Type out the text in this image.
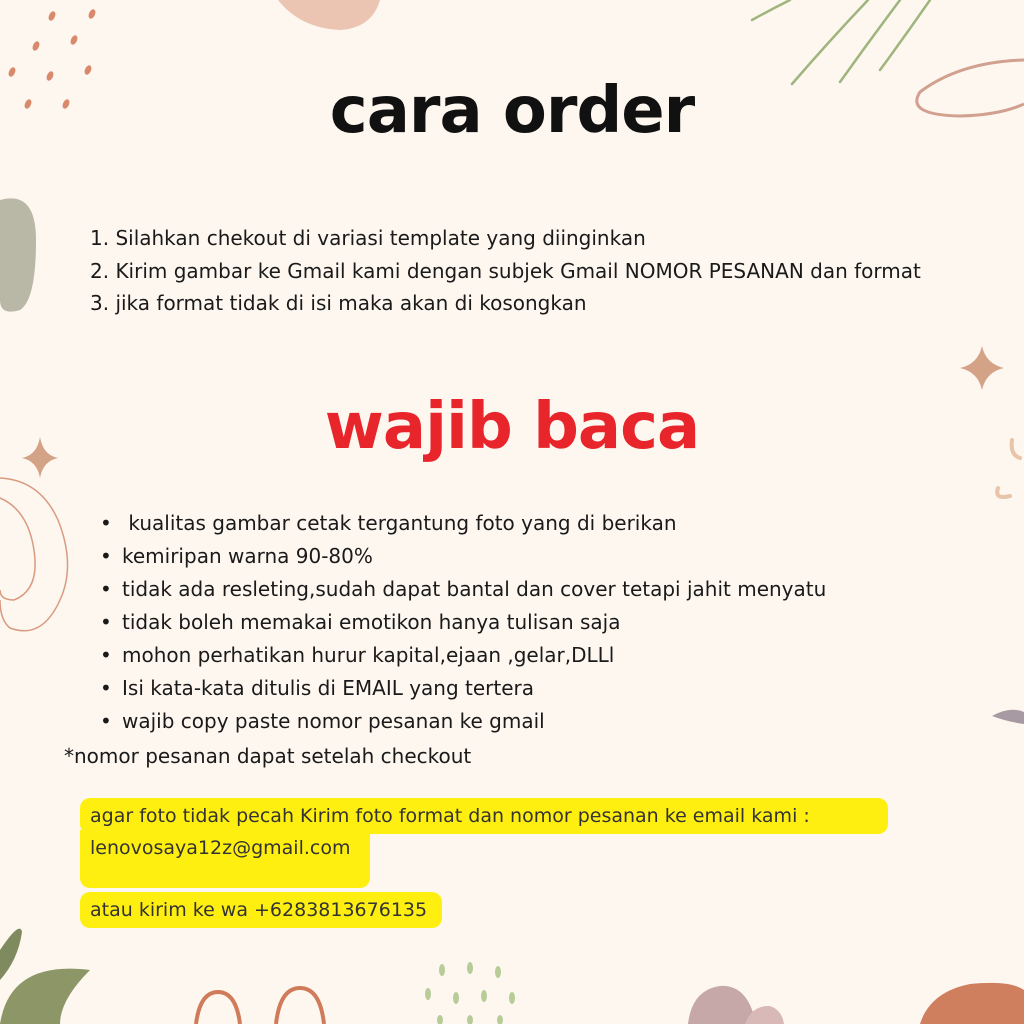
cara order
1. Silahkan chekout di variasi template yang diinginkan
2. Kirim gambar ke Gmail kami dengan subjek Gmail NOMOR PESANAN dan format
3. jika format tidak di isi maka akan di kosongkan
wajib baca
• kualitas gambar cetak tergantung foto yang di berikan
• kemiripan warna 90-80%
• tidak ada resleting,sudah dapat bantal dan cover tetapi jahit menyatu
• tidak boleh memakai emotikon hanya tulisan saja
• mohon perhatikan hurur kapital,ejaan ,gelar,DLLl
• Isi kata-kata ditulis di EMAIL yang tertera
• wajib copy paste nomor pesanan ke gmail
*nomor pesanan dapat setelah checkout
agar foto tidak pecah Kirim foto format dan nomor pesanan ke email kami :
lenovosaya12z@gmail.com
atau kirim ke wa +6283813676135
